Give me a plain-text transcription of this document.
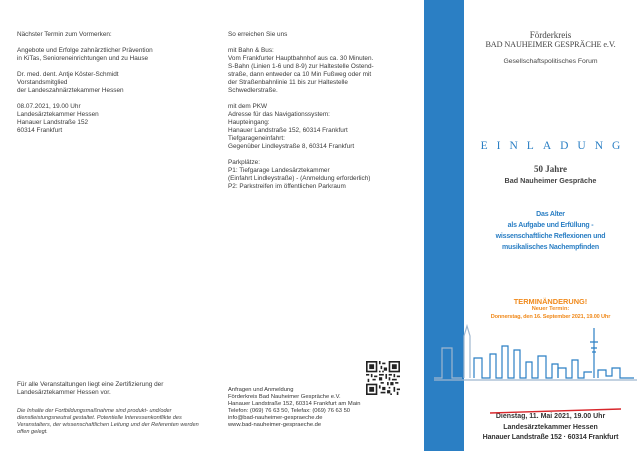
Nächster Termin zum Vormerken:

Angebote und Erfolge zahnärztlicher Prävention
in KiTas, Senioreneinrichtungen und zu Hause

Dr. med. dent. Antje Köster-Schmidt
Vorstandsmitglied
der Landeszahnärztekammer Hessen

08.07.2021, 19.00 Uhr
Landesärztekammer Hessen
Hanauer Landstraße 152
60314 Frankfurt

Für alle Veranstaltungen liegt eine Zertifizierung der
Landesärztekammer Hessen vor.

Die Inhalte der Fortbildungsmaßnahme sind produkt- und/oder dienstleistungsneutral gestaltet. Potentielle Interessenkonflikte des Veranstalters, der wissenschaftlichen Leitung und der Referenten werden offen gelegt.

So erreichen Sie uns

mit Bahn & Bus:

Vom Frankfurter Hauptbahnhof aus ca. 30 Minuten.
S-Bahn (Linien 1-6 und 8-9) zur Haltestelle Ostend-
straße, dann entweder ca 10 Min Fußweg oder mit
der Straßenbahnlinie 11 bis zur Haltestelle
Schwedlerstraße.

mit dem PKW

Adresse für das Navigationssystem:
Haupteingang:
Hanauer Landstraße 152, 60314 Frankfurt
Tiefgarageneinfahrt:
Gegenüber Lindleystraße 8, 60314 Frankfurt

Parkplätze:

P1: Tiefgarage Landesärztekammer
(Einfahrt Lindleystraße) - (Anmeldung erforderlich)
P2: Parkstreifen im öffentlichen Parkraum

Anfragen und Anmeldung
Förderkreis Bad Nauheimer Gespräche e.V.
Hanauer Landstraße 152, 60314 Frankfurt am Main
Telefon: (069) 76 63 50, Telefax: (069) 76 63 50
info@bad-nauheimer-gespraeche.de
www.bad-nauheimer-gespraeche.de

Förderkreis
BAD NAUHEIMER GESPRÄCHE e.V.
Gesellschaftspolitisches Forum
EINLADUNG
50 Jahre
Bad Nauheimer Gespräche
Das Alter
als Aufgabe und Erfüllung -
wissenschaftliche Reflexionen und
musikalisches Nachempfinden
TERMINÄNDERUNG!
Neuer Termin:
Donnerstag, den 16. September 2021, 19.00 Uhr
Dienstag, 11. Mai 2021, 19.00 Uhr
Landesärztekammer Hessen
Hanauer Landstraße 152 · 60314 Frankfurt
